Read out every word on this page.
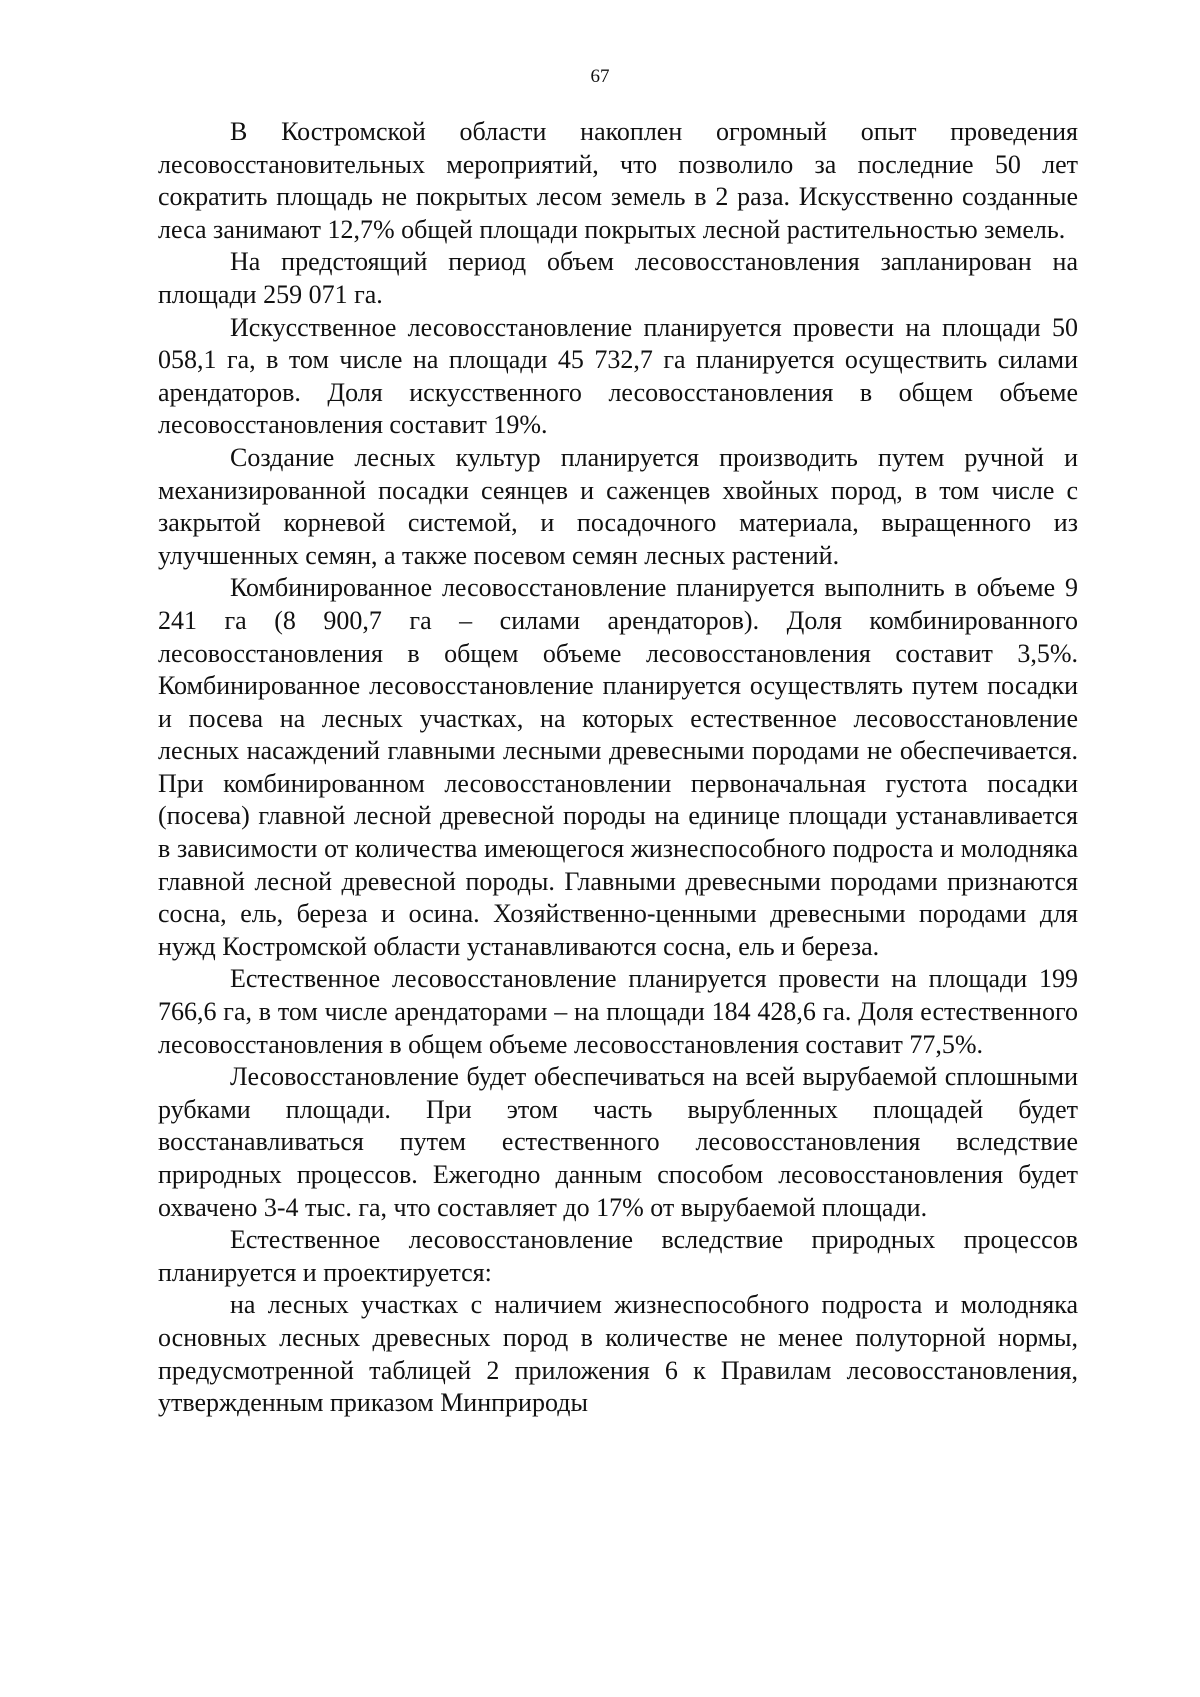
67

В Костромской области накоплен огромный опыт проведения лесовосстановительных мероприятий, что позволило за последние 50 лет сократить площадь не покрытых лесом земель в 2 раза. Искусственно созданные леса занимают 12,7% общей площади покрытых лесной растительностью земель.

На предстоящий период объем лесовосстановления запланирован на площади 259 071 га.

Искусственное лесовосстановление планируется провести на площади 50 058,1 га, в том числе на площади 45 732,7 га планируется осуществить силами арендаторов. Доля искусственного лесовосстановления в общем объеме лесовосстановления составит 19%.

Создание лесных культур планируется производить путем ручной и механизированной посадки сеянцев и саженцев хвойных пород, в том числе с закрытой корневой системой, и посадочного материала, выращенного из улучшенных семян, а также посевом семян лесных растений.

Комбинированное лесовосстановление планируется выполнить в объеме 9 241 га (8 900,7 га – силами арендаторов). Доля комбинированного лесовосстановления в общем объеме лесовосстановления составит 3,5%. Комбинированное лесовосстановление планируется осуществлять путем посадки и посева на лесных участках, на которых естественное лесовосстановление лесных насаждений главными лесными древесными породами не обеспечивается. При комбинированном лесовосстановлении первоначальная густота посадки (посева) главной лесной древесной породы на единице площади устанавливается в зависимости от количества имеющегося жизнеспособного подроста и молодняка главной лесной древесной породы. Главными древесными породами признаются сосна, ель, береза и осина. Хозяйственно-ценными древесными породами для нужд Костромской области устанавливаются сосна, ель и береза.

Естественное лесовосстановление планируется провести на площади 199 766,6 га, в том числе арендаторами – на площади 184 428,6 га. Доля естественного лесовосстановления в общем объеме лесовосстановления составит 77,5%.

Лесовосстановление будет обеспечиваться на всей вырубаемой сплошными рубками площади. При этом часть вырубленных площадей будет восстанавливаться путем естественного лесовосстановления вследствие природных процессов. Ежегодно данным способом лесовосстановления будет охвачено 3-4 тыс. га, что составляет до 17% от вырубаемой площади.

Естественное лесовосстановление вследствие природных процессов планируется и проектируется:

на лесных участках с наличием жизнеспособного подроста и молодняка основных лесных древесных пород в количестве не менее полуторной нормы, предусмотренной таблицей 2 приложения 6 к Правилам лесовосстановления, утвержденным приказом Минприроды
